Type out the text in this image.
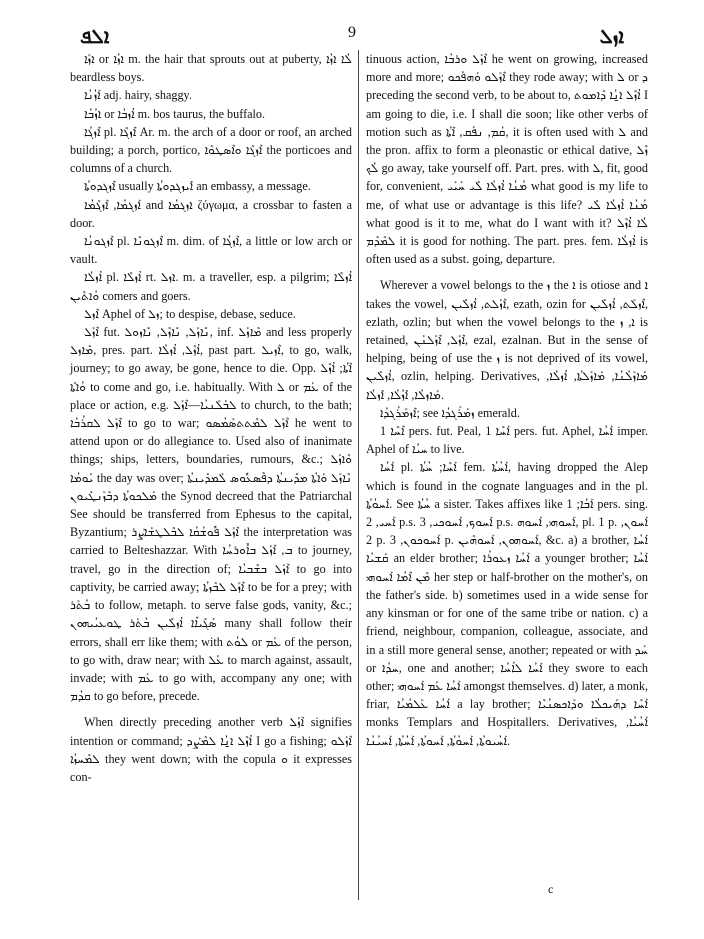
ܐܠܦ	9	ܐܙܠ

ܐܙܰܐ or ܐܙܳܐ m. the hair that sprouts out at puberty, ܠܳܐ ܐܙܳܐ beardless boys.

ܐܰܙܳܢܳܐ adj. hairy, shaggy.

ܐܙܳܒܳܐ or ܐܳܙܒܳܐ m. bos taurus, the buffalo.

ܐܶܙܓܳܐ pl. ܐܶܙܓܶܐ Ar. m. the arch of a door or roof, an arched building; a porch, portico, ܐܶܙܓܶܐ ܘܐܶܣܛܘܶܐ the porticoes and columns of a church.

ܐܶܙܓܕܘܬܳܐ usually ܐܺܝܙܓܕܘܬܳܐ an embassy, a message.

ܐܰܙܓܡܳܐ, ܐܶܙܓܶܡܳܐ and ܐܙܓܡܳܐ ζύγωμα, a crossbar to fasten a door.

ܐܶܙܓܘܢܳܐ pl. ܐܶܙܓܘܢܶܐ m. dim. of ܐܶܙܓܳܐ, a little or low arch or vault.

ܐܳܙܠܳܐ pl. ܐܳܙܠܶܐ rt. ܐܙܠ. m. a traveller, esp. a pilgrim; ܐܳܙܠܶܐ ܘܳܐܬܶܝܢ comers and goers.

ܐܶܙܠ Aphel of ܙܠ; to despise, debase, seduce.

ܐܶܙܰܠ fut. ܢܺܐܙܰܠ, ܢܺܐܙܶܠ, ܢܺܐܙܘܠ, inf. ܡܶܐܙܰܠ and less properly ܡܺܐܙܠ, pres. part. ܐܳܙܶܠ, ܐܳܙܠܳܐ, past part. ܐܶܙܝܠ, to go, walk, journey; to go away, be gone, hence to die. Opp. ܐܶܬܳܐ; ܐܳܙܶܠ ܘܳܐܬܶܐ to come and go, i.e. habitually. With ܠ or ܥܰܡ of the place or action, e.g. ܠܒܰܠܰܢܝܳܐ—ܐܶܙܰܠ to church, to the bath; ܐܶܙܰܠ ܠܩܪܳܒܳܐ to go to war; ܐܶܙܰܠ ܠܡܶܬܬܣܰܡܳܣܘ he went to attend upon or do allegiance to. Used also of inanimate things; ships, letters, boundaries, rumours, &c.; ܘܶܐܙܰܠ ܝܰܘܡܳܐ the day was over; ܢܶܐܙܰܠ ܘܰܐܬܳܐ ܡܕܺܝܢܬܳܐ ܕܦܶܣܥܽܘܣ ܠܰܡܕܺܝܢܬܳܐ ܡܰܠܟܘܬܳܐ ܕܒܶܙܰܢܛܺܝܘܢ the Synod decreed that the Patriarchal See should be transferred from Ephesus to the capital, Byzantium; ܐܶܙܰܠ ܦܽܘܫܳܩܳܐ ܠܒܶܠܛܫܰܐܨܰܪ the interpretation was carried to Belteshazzar. With ܒ, ܐܶܙܰܠ ܒܐܽܘܪܚܳܐ to journey, travel, go in the direction of; ܐܶܙܰܠ ܒܫܶܒܝܳܐ to go into captivity, be carried away; ܐܶܙܰܠ ܠܒܶܙܬܳܐ to be for a prey; with ܒܳܬܰܪ to follow, metaph. to serve false gods, vanity, &c.; ܣܰܓܺܝܐܶܐ ܐܳܙܠܺܝܢ ܒܳܬܰܪ ܛܘܥܝܳܝܗܘܢ many shall follow their errors, shall err like them; with ܠܘܳܬ or ܥܰܡ of the person, to go with, draw near; with ܥܰܠ to march against, assault, invade; with ܥܰܡ to go with, accompany any one; with ܩܕܳܡ to go before, precede.

When directly preceding another verb ܐܶܙܰܠ signifies intention or command; ܐܳܙܶܠ ܐ̱ܢܳܐ ܠܡܶܨܰܕ I go a fishing; ܐܶܙܰܠܘ ܠܡܶܚܙܳܐ they went down; with the copula ܘ it expresses con-

tinuous action, ܐܶܙܰܠ ܘܪܒܳܐ he went on growing, increased more and more; ܐܶܙܰܠܘ ܘܰܗܦܰܟܘ they rode away; with ܠ or ܕ preceding the second verb, to be about to, ܐܳܙܶܠ ܐ̱ܢܳܐ ܕܶܐܡܘܬ I am going to die, i.e. I shall die soon; like other verbs of motion such as ܩܳܡ, ܢܦܰܩ, ܐܶܬܳܐ, it is often used with ܠ and the pron. affix to form a pleonastic or ethical dative, ܙܶܠ ܠܳܟ go away, take yourself off. Part. pres. with ܠ, fit, good for, convenient, ܡܳܢܳܐ ܐܳܙܠܳܐ ܠܺܝ ܚܰܝܰܝ what good is my life to me, of what use or advantage is this life? ܡܳܢܳܐ ܐܳܙܠܳܐ ܠܺܝ what good is it to me, what do I want with it? ܠܳܐ ܐܳܙܶܠ ܠܡܶܕܶܡ it is good for nothing. The part. pres. fem. ܐܳܙܠܳܐ is often used as a subst. going, departure.

Wherever a vowel belongs to the ܙ the ܐ is otiose and ܐ takes the vowel, ܐܶܙܰܠܬ, ܐܳܙܠܺܝܢ, ezath, ozin for ܐܶܙܠܰܬ, ܐܳܙܠܺܝܢ, ezlath, ozlin; but when the vowel belongs to the ܐ, ܙ is retained, ܐܶܙܰܠ, ܐܶܙܰܠܢܰܢ, ezal, ezalnan. But in the sense of helping, being of use the ܙ is not deprived of its vowel, ܐܳܙܠܺܝܢ, ozlin, helping. Derivatives, ܡܰܐܙܰܠܳܢܳܐ, ܡܰܐܙܰܠܬܳܐ, ܐܳܙܠܳܐ, ܡܰܐܙܠܳܐ, ܐܺܙܳܠܳܐ, ܐܺܙܠܳܐ.

ܐܶܙܡܰܪܰܓܕܳܐ; see ܙܡܰܪܰܓܕܳܐ emerald.

ܐܶܚܶܐ 1 pers. fut. Peal, ܐܰܚܶܐ 1 pers. fut. Aphel, ܐܰܚܳܐ imper. Aphel of ܚܝܳܐ to live.

ܐܰܚܳܐ pl. ܐܰܚܶܐ; ܚܳܬܳܐ fem. ܐܰܚܳܬܳܐ, having dropped the Alep which is found in the cognate languages and in the pl. ܐܰܚܘܳܬܳܐ. See ܚܳܬܳܐ a sister. Takes affixes like ܐܰܒܳܐ; 1 pers. sing. ܐܰܚܝ, 2 p.s. ܐܰܚܘܟ, ܐܰܚܘܟܝ, 3 p.s. ܐܰܚܘܗܝ, ܐܰܚܘܗ, pl. 1 p. ܐܰܚܘܢ, 2 p. ܐܰܚܘܟܘܢ, 3 p. ܐܰܚܘܗܘܢ, ܐܰܚܘܗܶܝܢ, &c. a) a brother, ܐܰܚܳܐ ܩܰܫܝܳܐ an elder brother; ܐܰܚܳܐ ܙܥܘܪܳܐ a younger brother; ܐܰܚܳܐ ܡܶܢ ܐܶܡܳܐ ܐܰܚܘܗܝ her step or half-brother on the mother's, on the father's side. b) sometimes used in a wide sense for any kinsman or for one of the same tribe or nation. c) a friend, neighbour, companion, colleague, associate, and in a still more general sense, another; repeated or with ܚܰܕ or ܚܕܳܐ, one and another; ܐܰܚܳܐ ܠܐܰܚܳܐ they swore to each other; ܐܰܚܳܐ ܥܰܡ ܐܰܚܘܗܝ amongst themselves. d) later, a monk, friar, ܐܰܚܳܐ ܥܰܠܡܳܝܳܐ a lay brother; ܐܰܚܶܐ ܕܗܰܝܟܠܳܐ ܘܕܰܐܟܣܢܳܝܶܐ monks Templars and Hospitallers. Derivatives, ܐܰܚܳܝܳܐ, ܐܰܚܳܝܘܬܳܐ, ܐܰܚܘܳܬܳܐ, ܐܰܚܘܬܳܐ, ܐܰܚܳܬܳܐ, ܐܰܚܝܳܢܳܐ.

c
